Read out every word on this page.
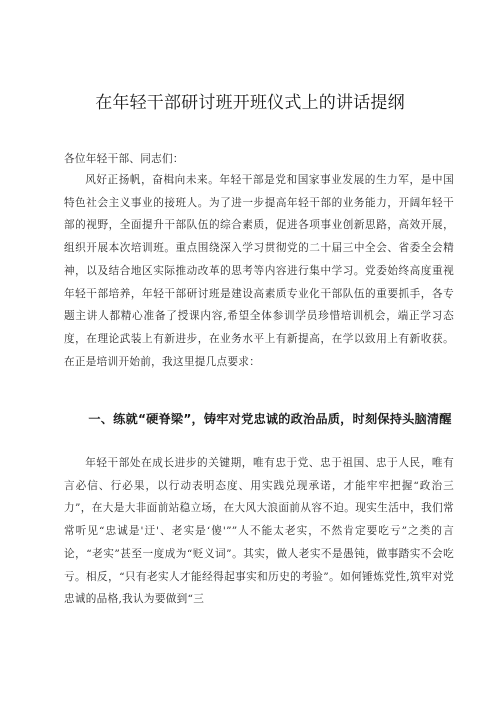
在年轻干部研讨班开班仪式上的讲话提纲
各位年轻干部、同志们：

风好正扬帆，奋楫向未来。年轻干部是党和国家事业发展的生力军，是中国特色社会主义事业的接班人。为了进一步提高年轻干部的业务能力，开阔年轻干部的视野，全面提升干部队伍的综合素质，促进各项事业创新思路，高效开展，组织开展本次培训班。重点围绕深入学习贯彻党的二十届三中全会、省委全会精神，以及结合地区实际推动改革的思考等内容进行集中学习。党委始终高度重视年轻干部培养，年轻干部研讨班是建设高素质专业化干部队伍的重要抓手，各专题主讲人都精心准备了授课内容,希望全体参训学员珍惜培训机会，端正学习态度，在理论武装上有新进步，在业务水平上有新提高，在学以致用上有新收获。在正是培训开始前，我这里提几点要求：

一、练就“硬脊梁”，铸牢对党忠诚的政治品质，时刻保持头脑清醒

年轻干部处在成长进步的关键期，唯有忠于党、忠于祖国、忠于人民，唯有言必信、行必果，以行动表明态度、用实践兑现承诺，才能牢牢把握“政治三力”，在大是大非面前站稳立场，在大风大浪面前从容不迫。现实生活中，我们常常听见“忠诚是'迂'、老实是‘傻'””人不能太老实，不然肯定要吃亏”之类的言论，“老实”甚至一度成为“贬义词”。其实，做人老实不是愚钝，做事踏实不会吃亏。相反，“只有老实人才能经得起事实和历史的考验”。如何锤炼党性,筑牢对党忠诚的品格,我认为要做到“三
